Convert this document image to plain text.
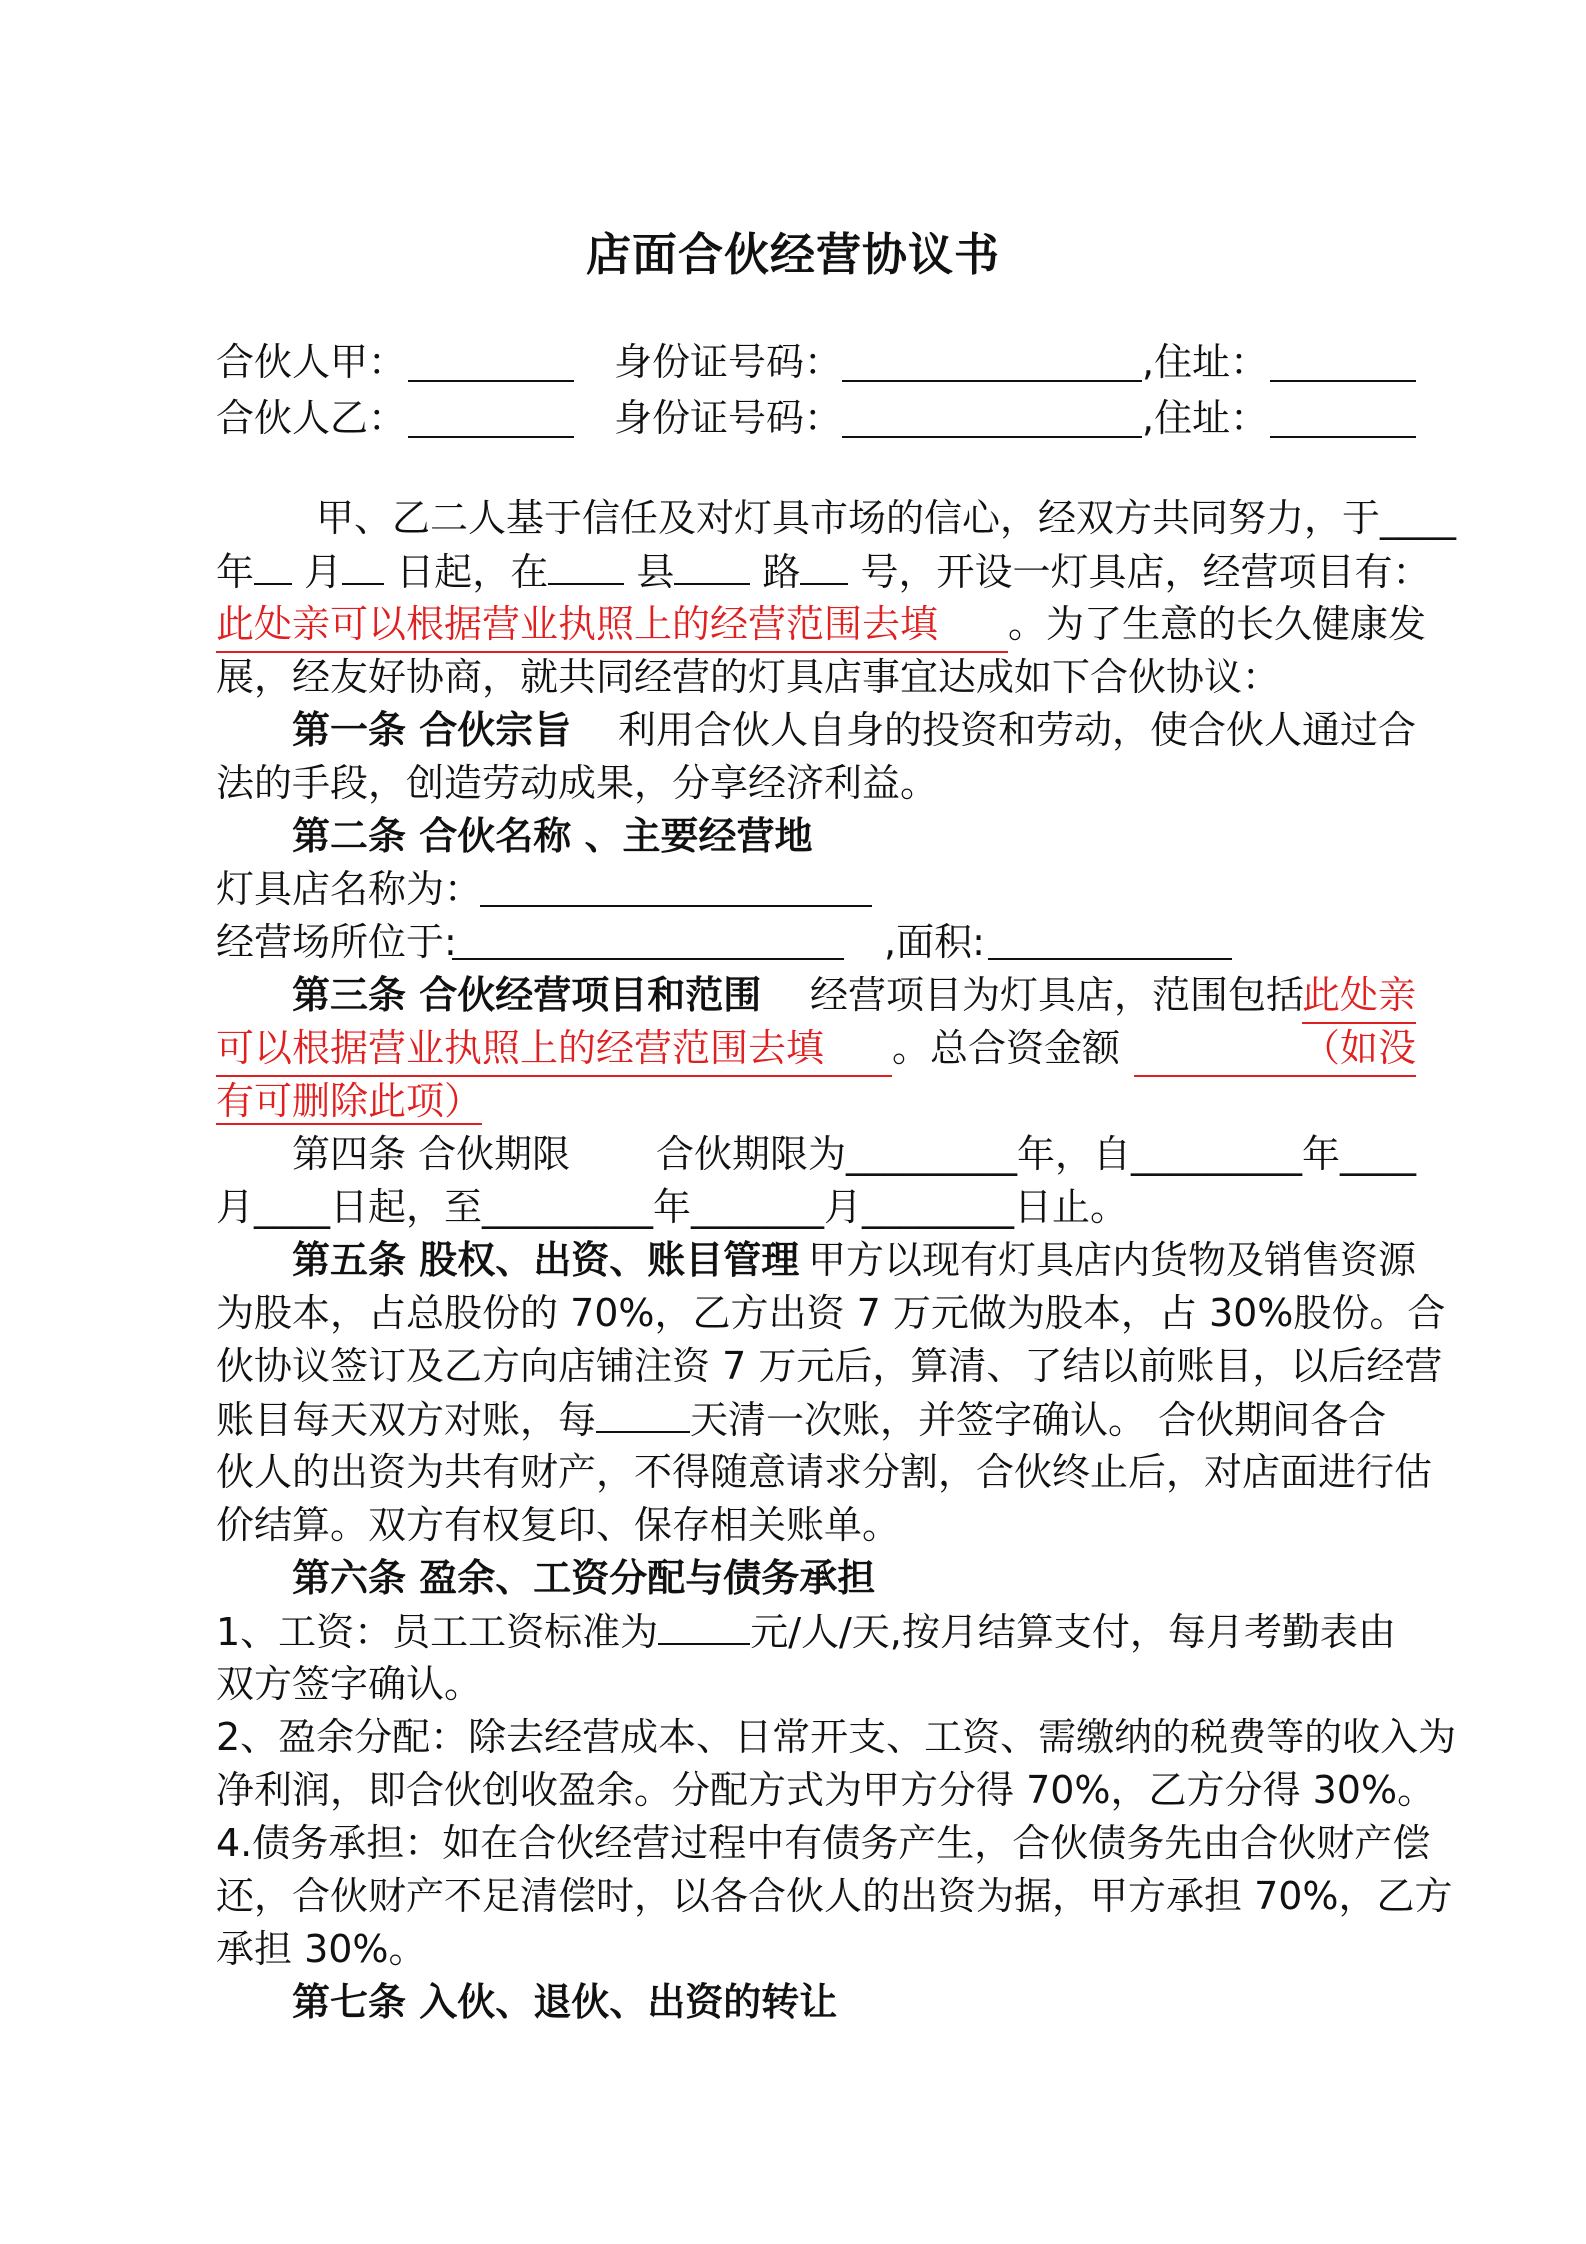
店面合伙经营协议书
合伙人甲：	身份证号码：	,住址：
合伙人乙：	身份证号码：	,住址：
甲、乙二人基于信任及对灯具市场的信心，经双方共同努力，于____
年 月 日起，在 县 路 号，开设一灯具店，经营项目有：
此处亲可以根据营业执照上的经营范围去填 。为了生意的长久健康发
展，经友好协商，就共同经营的灯具店事宜达成如下合伙协议：
第一条 合伙宗旨 利用合伙人自身的投资和劳动，使合伙人通过合
法的手段，创造劳动成果，分享经济利益。
第二条 合伙名称 、主要经营地
灯具店名称为：
经营场所位于:	,面积:
第三条 合伙经营项目和范围 经营项目为灯具店，范围包括
此处亲
可以根据营业执照上的经营范围去填 。总合资金额	（如没
有可删除此项）
第四条 合伙期限 合伙期限为_________年，自_________年____
月____日起，至_________年_______月________日止。
第五条 股权、出资、账目管理 甲方以现有灯具店内货物及销售资源
为股本，占总股份的 70%，乙方出资 7 万元做为股本，占 30%股份。合
伙协议签订及乙方向店铺注资 7 万元后，算清、了结以前账目，以后经营
账目每天双方对账，每 天清一次账，并签字确认。 合伙期间各合
伙人的出资为共有财产，不得随意请求分割，合伙终止后，对店面进行估
价结算。双方有权复印、保存相关账单。
第六条 盈余、工资分配与债务承担
1、工资：员工工资标准为 元/人/天,按月结算支付，每月考勤表由
双方签字确认。
2、盈余分配：除去经营成本、日常开支、工资、需缴纳的税费等的收入为
净利润，即合伙创收盈余。分配方式为甲方分得 70%，乙方分得 30%。
4.债务承担：如在合伙经营过程中有债务产生，合伙债务先由合伙财产偿
还，合伙财产不足清偿时，以各合伙人的出资为据，甲方承担 70%，乙方
承担 30%。
第七条 入伙、退伙、出资的转让
